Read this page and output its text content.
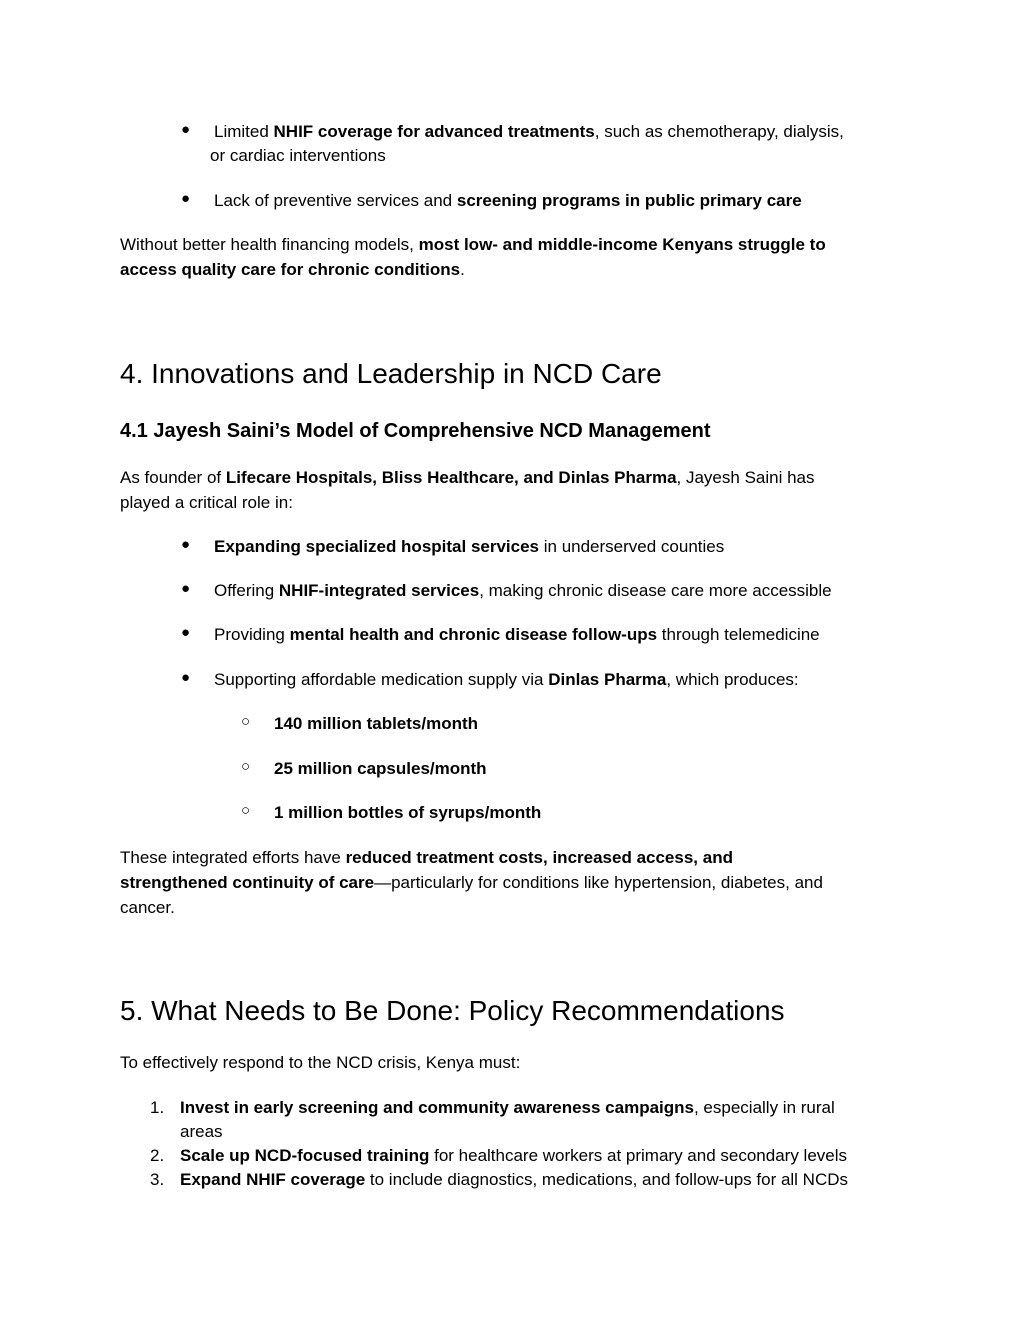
● Limited NHIF coverage for advanced treatments, such as chemotherapy, dialysis,
or cardiac interventions
● Lack of preventive services and screening programs in public primary care
Without better health financing models, most low- and middle-income Kenyans struggle to
access quality care for chronic conditions.
4. Innovations and Leadership in NCD Care
4.1 Jayesh Saini’s Model of Comprehensive NCD Management
As founder of Lifecare Hospitals, Bliss Healthcare, and Dinlas Pharma, Jayesh Saini has
played a critical role in:
● Expanding specialized hospital services in underserved counties
● Offering NHIF-integrated services, making chronic disease care more accessible
● Providing mental health and chronic disease follow-ups through telemedicine
● Supporting affordable medication supply via Dinlas Pharma, which produces:
○ 140 million tablets/month
○ 25 million capsules/month
○ 1 million bottles of syrups/month
These integrated efforts have reduced treatment costs, increased access, and
strengthened continuity of care—particularly for conditions like hypertension, diabetes, and
cancer.
5. What Needs to Be Done: Policy Recommendations
To effectively respond to the NCD crisis, Kenya must:
1. Invest in early screening and community awareness campaigns, especially in rural
areas
2. Scale up NCD-focused training for healthcare workers at primary and secondary levels
3. Expand NHIF coverage to include diagnostics, medications, and follow-ups for all NCDs
